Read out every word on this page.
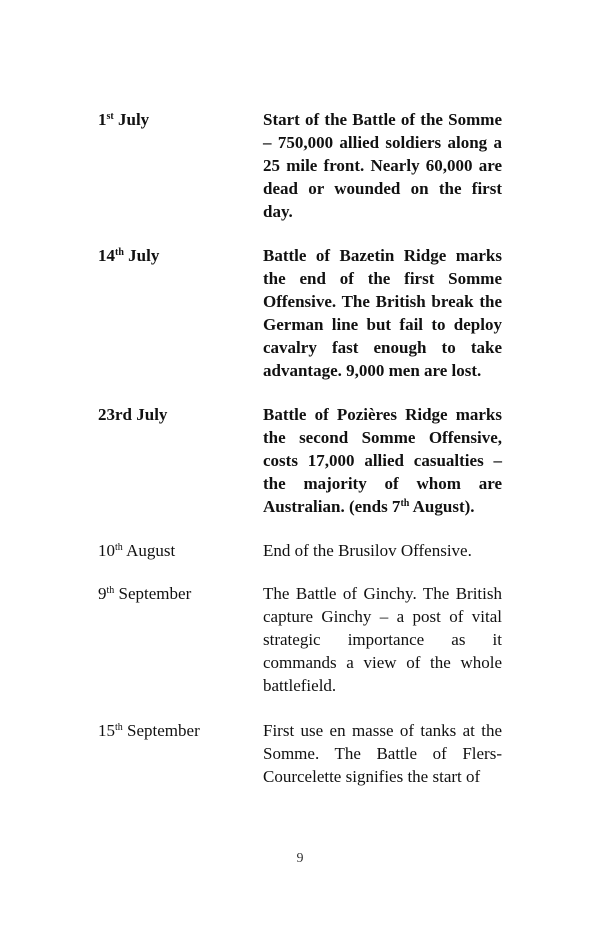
1st July	Start of the Battle of the Somme – 750,000 allied soldiers along a 25 mile front. Nearly 60,000 are dead or wounded on the first day.
14th July	Battle of Bazetin Ridge marks the end of the first Somme Offensive. The British break the German line but fail to deploy cavalry fast enough to take advantage. 9,000 men are lost.
23rd July	Battle of Pozières Ridge marks the second Somme Offensive, costs 17,000 allied casualties – the majority of whom are Australian. (ends 7th August).
10th August	End of the Brusilov Offensive.
9th September	The Battle of Ginchy. The British capture Ginchy – a post of vital strategic importance as it commands a view of the whole battlefield.
15th September	First use en masse of tanks at the Somme. The Battle of Flers-Courcelette signifies the start of
9
